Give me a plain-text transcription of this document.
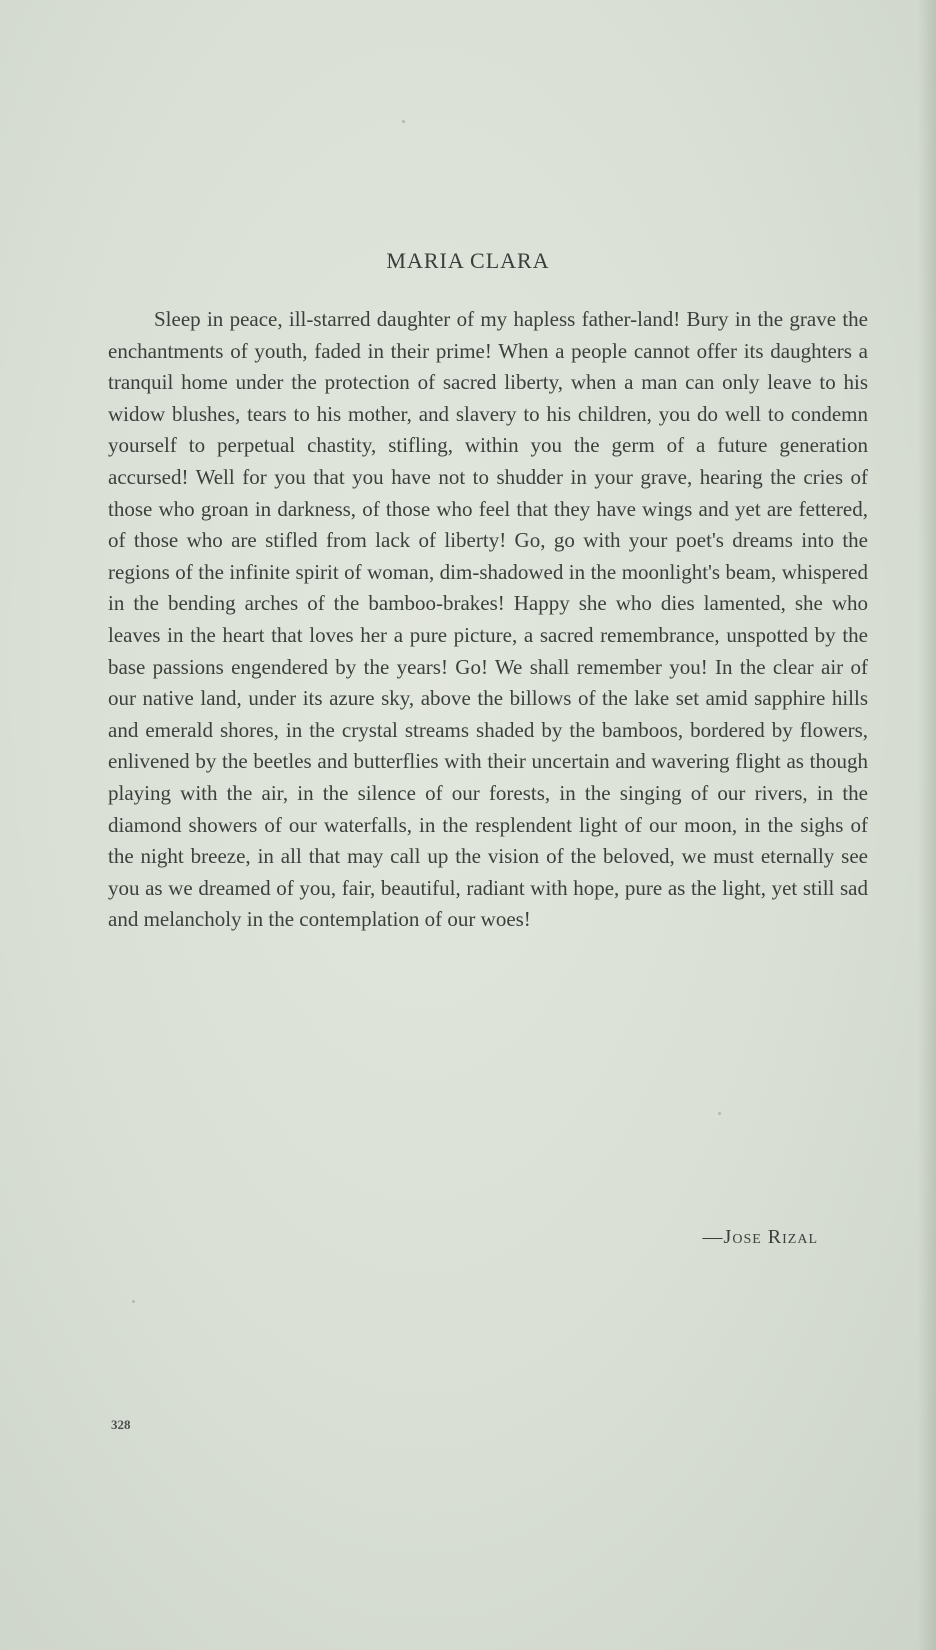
MARIA CLARA

Sleep in peace, ill-starred daughter of my hapless father-land! Bury in the grave the enchantments of youth, faded in their prime! When a people cannot offer its daughters a tranquil home under the protection of sacred liberty, when a man can only leave to his widow blushes, tears to his mother, and slavery to his children, you do well to condemn yourself to perpetual chastity, stifling, within you the germ of a future generation accursed! Well for you that you have not to shudder in your grave, hearing the cries of those who groan in darkness, of those who feel that they have wings and yet are fettered, of those who are stifled from lack of liberty! Go, go with your poet's dreams into the regions of the infinite spirit of woman, dim-shadowed in the moonlight's beam, whispered in the bending arches of the bamboo-brakes! Happy she who dies lamented, she who leaves in the heart that loves her a pure picture, a sacred remembrance, unspotted by the base passions engendered by the years! Go! We shall remember you! In the clear air of our native land, under its azure sky, above the billows of the lake set amid sapphire hills and emerald shores, in the crystal streams shaded by the bamboos, bordered by flowers, enlivened by the beetles and butterflies with their uncertain and wavering flight as though playing with the air, in the silence of our forests, in the singing of our rivers, in the diamond showers of our waterfalls, in the resplendent light of our moon, in the sighs of the night breeze, in all that may call up the vision of the beloved, we must eternally see you as we dreamed of you, fair, beautiful, radiant with hope, pure as the light, yet still sad and melancholy in the contemplation of our woes!

—Jose Rizal
328
